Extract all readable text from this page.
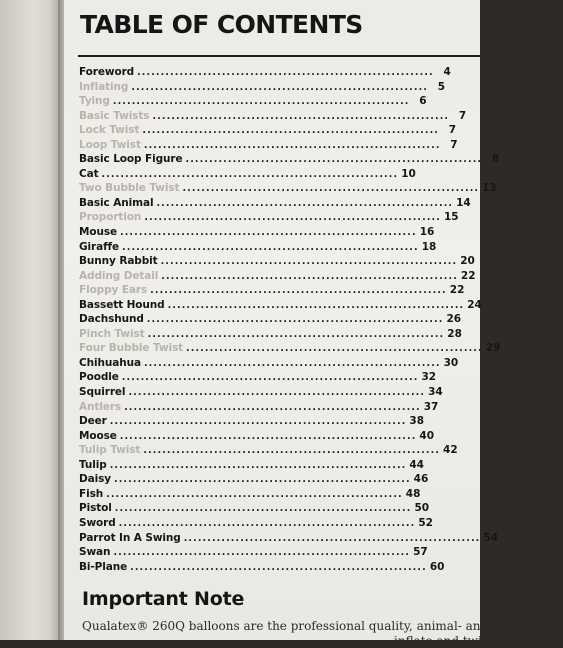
TABLE OF CONTENTS
Foreword ............................................................... 4
Inflating ............................................................... 5
Tying ............................................................... 6
Basic Twists ............................................................... 7
Lock Twist ............................................................... 7
Loop Twist ............................................................... 7
Basic Loop Figure ............................................................... 8
Cat ............................................................... 10
Two Bubble Twist ............................................................... 13
Basic Animal ............................................................... 14
Proportion ............................................................... 15
Mouse ............................................................... 16
Giraffe ............................................................... 18
Bunny Rabbit ............................................................... 20
Adding Detail ............................................................... 22
Floppy Ears ............................................................... 22
Bassett Hound ............................................................... 24
Dachshund ............................................................... 26
Pinch Twist ............................................................... 28
Four Bubble Twist ............................................................... 29
Chihuahua ............................................................... 30
Poodle ............................................................... 32
Squirrel ............................................................... 34
Antlers ............................................................... 37
Deer ............................................................... 38
Moose ............................................................... 40
Tulip Twist ............................................................... 42
Tulip ............................................................... 44
Daisy ............................................................... 46
Fish ............................................................... 48
Pistol ............................................................... 50
Sword ............................................................... 52
Parrot In A Swing ............................................................... 54
Swan ............................................................... 57
Bi-Plane ............................................................... 60
Important Note

Qualatex® 260Q balloons are the professional quality, animal- and figure-tying

inflate and twist easily
